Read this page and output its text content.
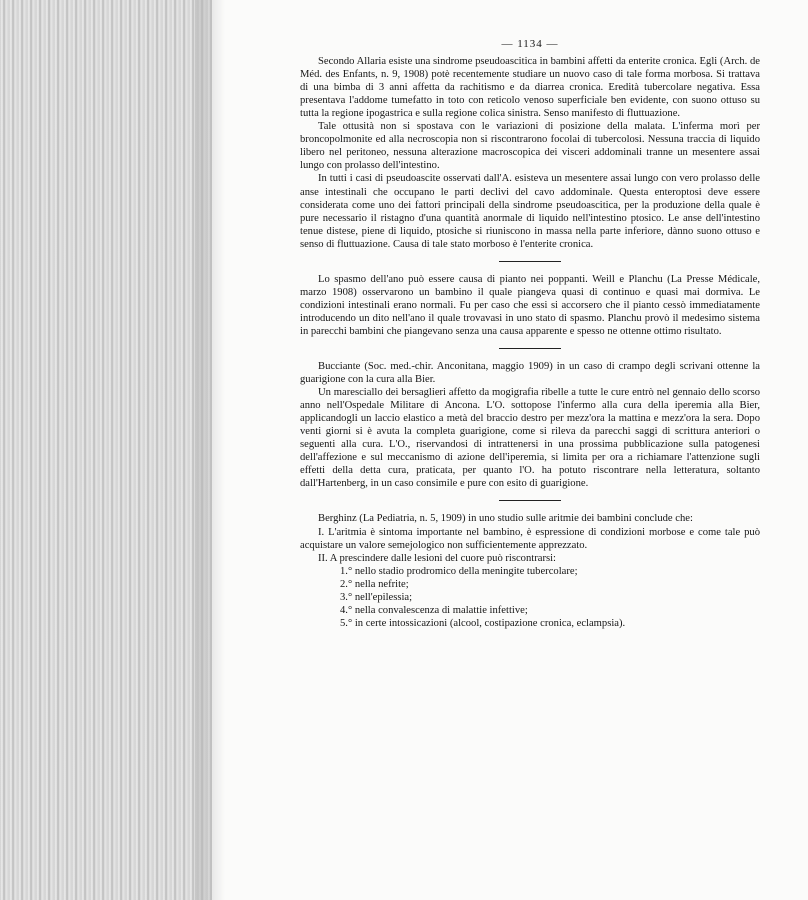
— 1134 —

Secondo Allaria esiste una sindrome pseudoascitica in bambini affetti da enterite cronica. Egli (Arch. de Méd. des Enfants, n. 9, 1908) potè recentemente studiare un nuovo caso di tale forma morbosa. Si trattava di una bimba di 3 anni affetta da rachitismo e da diarrea cronica. Eredità tubercolare negativa. Essa presentava l'addome tumefatto in toto con reticolo venoso superficiale ben evidente, con suono ottuso su tutta la regione ipogastrica e sulla regione colica sinistra. Senso manifesto di fluttuazione.

Tale ottusità non si spostava con le variazioni di posizione della malata. L'inferma morì per broncopolmonite ed alla necroscopia non si riscontrarono focolai di tubercolosi. Nessuna traccia di liquido libero nel peritoneo, nessuna alterazione macroscopica dei visceri addominali tranne un mesentere assai lungo con prolasso dell'intestino.

In tutti i casi di pseudoascite osservati dall'A. esisteva un mesentere assai lungo con vero prolasso delle anse intestinali che occupano le parti declivi del cavo addominale. Questa enteroptosi deve essere considerata come uno dei fattori principali della sindrome pseudoascitica, per la produzione della quale è pure necessario il ristagno d'una quantità anormale di liquido nell'intestino ptosico. Le anse dell'intestino tenue distese, piene di liquido, ptosiche si riuniscono in massa nella parte inferiore, dànno suono ottuso e senso di fluttuazione. Causa di tale stato morboso è l'enterite cronica.

Lo spasmo dell'ano può essere causa di pianto nei poppanti. Weill e Planchu (La Presse Médicale, marzo 1908) osservarono un bambino il quale piangeva quasi di continuo e quasi mai dormiva. Le condizioni intestinali erano normali. Fu per caso che essi si accorsero che il pianto cessò immediatamente introducendo un dito nell'ano il quale trovavasi in uno stato di spasmo. Planchu provò il medesimo sistema in parecchi bambini che piangevano senza una causa apparente e spesso ne ottenne ottimo risultato.

Bucciante (Soc. med.-chir. Anconitana, maggio 1909) in un caso di crampo degli scrivani ottenne la guarigione con la cura alla Bier.

Un maresciallo dei bersaglieri affetto da mogigrafia ribelle a tutte le cure entrò nel gennaio dello scorso anno nell'Ospedale Militare di Ancona. L'O. sottopose l'infermo alla cura della iperemia alla Bier, applicandogli un laccio elastico a metà del braccio destro per mezz'ora la mattina e mezz'ora la sera. Dopo venti giorni si è avuta la completa guarigione, come si rileva da parecchi saggi di scrittura anteriori o seguenti alla cura. L'O., riservandosi di intrattenersi in una prossima pubblicazione sulla patogenesi dell'affezione e sul meccanismo di azione dell'iperemia, si limita per ora a richiamare l'attenzione sugli effetti della detta cura, praticata, per quanto l'O. ha potuto riscontrare nella letteratura, soltanto dall'Hartenberg, in un caso consimile e pure con esito di guarigione.

Berghinz (La Pediatria, n. 5, 1909) in uno studio sulle aritmie dei bambini conclude che:

I. L'aritmia è sintoma importante nel bambino, è espressione di condizioni morbose e come tale può acquistare un valore semejologico non sufficientemente apprezzato.

II. A prescindere dalle lesioni del cuore può riscontrarsi:

1.° nello stadio prodromico della meningite tubercolare;
2.° nella nefrite;
3.° nell'epilessia;
4.° nella convalescenza di malattie infettive;
5.° in certe intossicazioni (alcool, costipazione cronica, eclampsia).
